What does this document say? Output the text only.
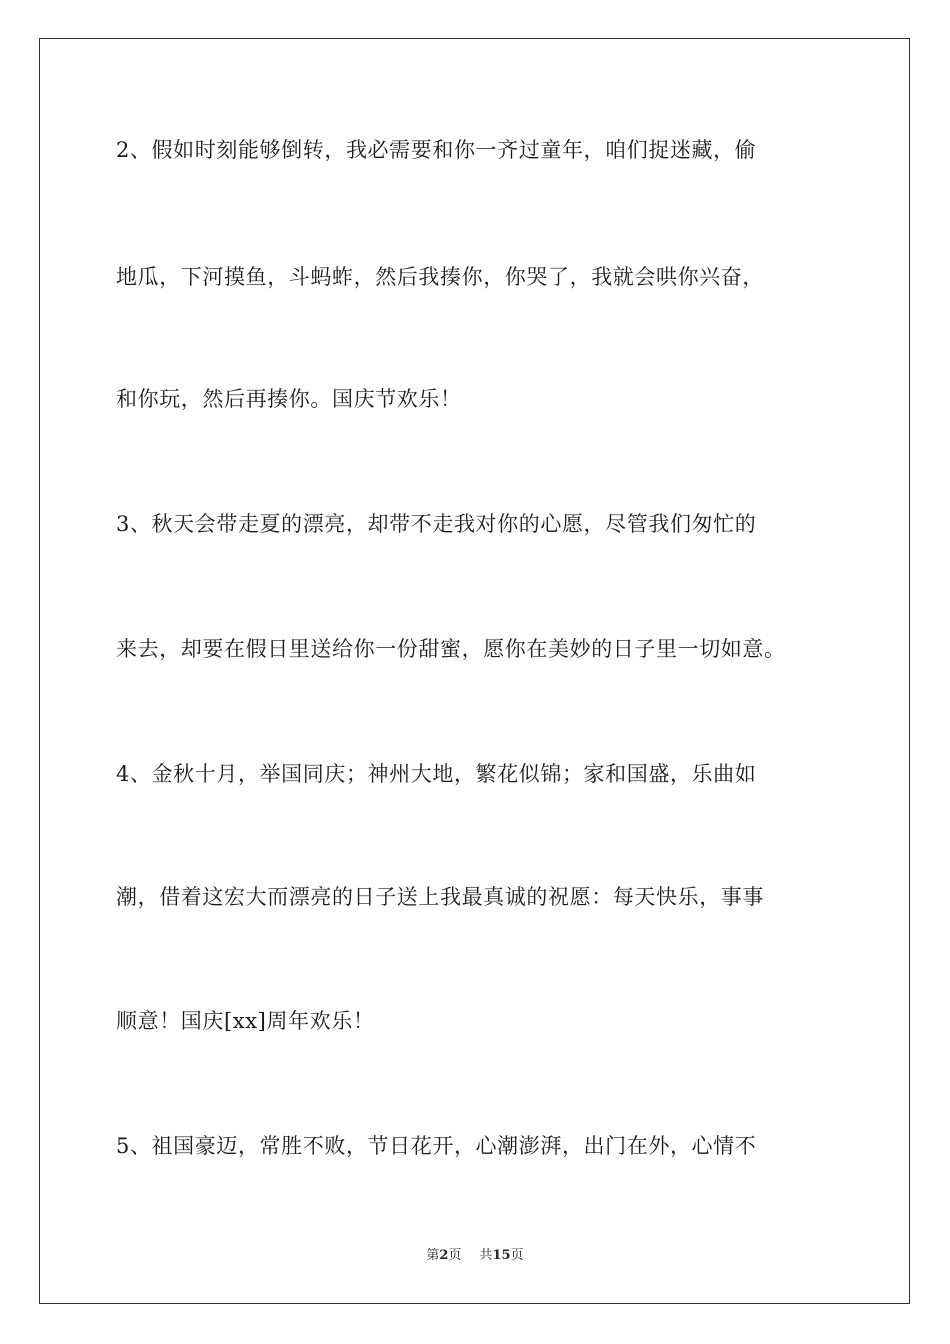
2、假如时刻能够倒转，我必需要和你一齐过童年，咱们捉迷藏，偷
地瓜，下河摸鱼，斗蚂蚱，然后我揍你，你哭了，我就会哄你兴奋，
和你玩，然后再揍你。国庆节欢乐！
3、秋天会带走夏的漂亮，却带不走我对你的心愿，尽管我们匆忙的
来去，却要在假日里送给你一份甜蜜，愿你在美妙的日子里一切如意。
4、金秋十月，举国同庆；神州大地，繁花似锦；家和国盛，乐曲如
潮，借着这宏大而漂亮的日子送上我最真诚的祝愿：每天快乐，事事
顺意！国庆[xx]周年欢乐！
5、祖国豪迈，常胜不败，节日花开，心潮澎湃，出门在外，心情不
第2页 共15页
